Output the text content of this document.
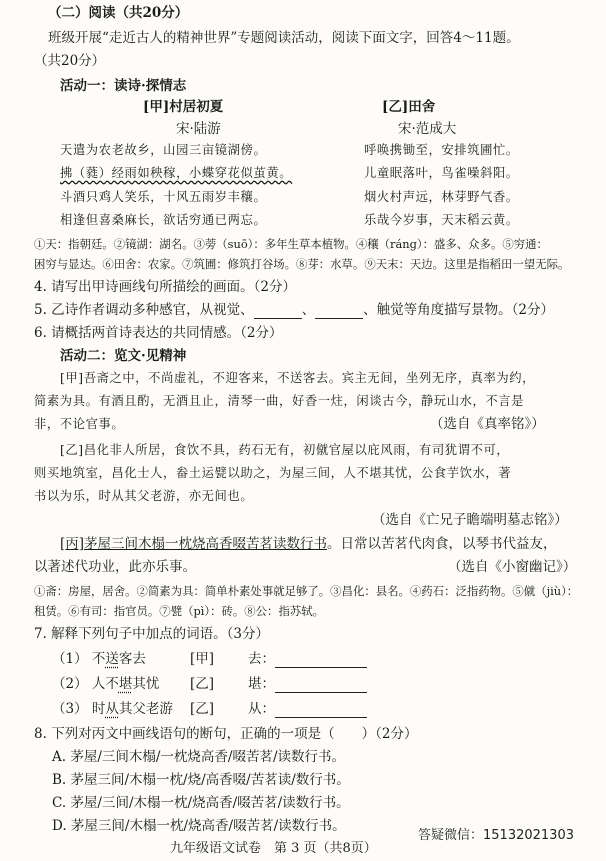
（二）阅读（共20分）
班级开展“走近古人的精神世界”专题阅读活动，阅读下面文字，回答4～11题。
（共20分）
活动一：读诗·探情志
[甲]村居初夏
宋·陆游
天遣为农老故乡，山园三亩镜湖傍。
拂（蕤）经雨如秧稼，小蝶穿花似茧黄。
斗酒只鸡人笑乐，十风五雨岁丰穰。
相逢但喜桑麻长，欲话穷通已两忘。
[乙]田舍
宋·范成大
呼唤携锄至，安排筑圃忙。
儿童眠落叶，鸟雀噪斜阳。
烟火村声远，林芽野气香。
乐哉今岁事，天末稻云黄。
①天：指朝廷。②镜湖：湖名。③蒡（suō）：多年生草本植物。④穰（ráng）：盛多、众多。⑤穷通：
困穷与显达。⑥田舍：农家。⑦筑圃：修筑打谷场。⑧芽：水草。⑨天末：天边。这里是指稻田一望无际。
4. 请写出甲诗画线句所描绘的画面。（2分）
5. 乙诗作者调动多种感官，从视觉、	、	、触觉等角度描写景物。（2分）
6. 请概括两首诗表达的共同情感。（2分）
活动二：览文·见精神
[甲]吾斋之中，不尚虚礼，不迎客来，不送客去。宾主无间，坐列无序，真率为约，
简素为具。有酒且酌，无酒且止，清琴一曲，好香一炷，闲谈古今，静玩山水，不言是
非，不论官事。	（选自《真率铭》）
[乙]昌化非人所居，食饮不具，药石无有，初僦官屋以庇风雨，有司犹谓不可，
则买地筑室，昌化士人，畚土运甓以助之，为屋三间，人不堪其忧，公食芋饮水，著
书以为乐，时从其父老游，亦无间也。
（选自《亡兄子瞻端明墓志铭》）
[丙]茅屋三间木榻一枕烧高香啜苦茗读数行书。日常以苦茗代肉食，以琴书代益友，
以著述代功业，此亦乐事。	（选自《小窗幽记》）
①斋：房屋，居舍。②简素为具：简单朴素处事就足够了。③昌化：县名。④药石：泛指药物。⑤僦（jiù）：
租赁。⑥有司：指官员。⑦甓（pì）：砖。⑧公：指苏轼。
7. 解释下列句子中加点的词语。（3分）
（1） 不送客去	[甲]	去：
（2） 人不堪其忧 [乙]	堪：
（3） 时从其父老游 [乙]	从：
8. 下列对丙文中画线语句的断句，正确的一项是（　　）（2分）
A. 茅屋/三间木榻/一枕烧高香/啜苦茗/读数行书。
B. 茅屋三间/木榻一枕/烧/高香啜/苦茗读/数行书。
C. 茅屋/三间/木榻一枕/烧高香/啜苦茗/读数行书。
D. 茅屋三间/木榻一枕/烧高香/啜苦茗/读数行书。
九年级语文试卷　第 3 页（共8页）
答疑微信：15132021303
